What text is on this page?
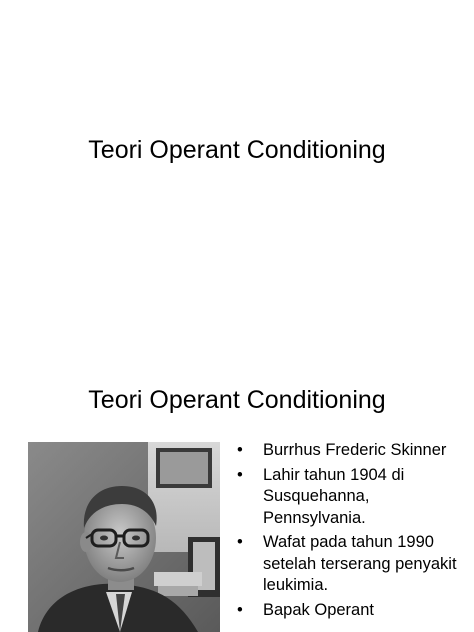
Teori Operant Conditioning
Teori Operant Conditioning
•	Burrhus Frederic Skinner
•	Lahir tahun 1904 di Susquehanna, Pennsylvania.
•	Wafat pada tahun 1990 setelah terserang penyakit leukimia.
•	Bapak Operant
